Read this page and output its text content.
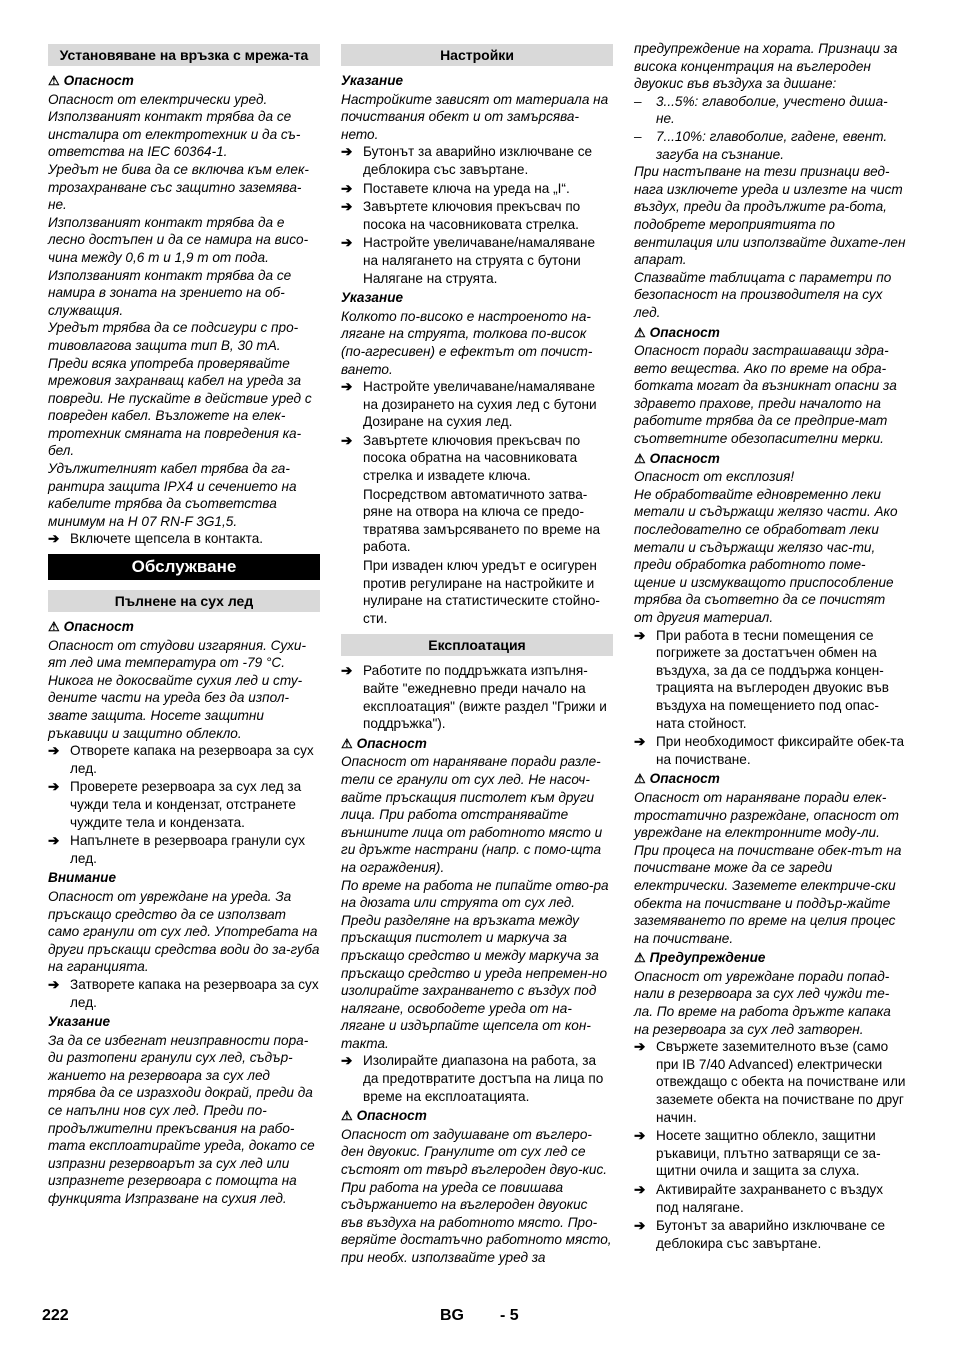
Установяване на връзка с мрежа-та
⚠ Опасност

Опасност от електрически уред.

Използваният контакт трябва да се инсталира от електротехник и да съ-ответства на IEC 60364-1.

Уредът не бива да се включва към елек-трозахранване със защитно заземява-не.

Използваният контакт трябва да е лесно достъпен и да се намира на висо-чина между 0,6 m и 1,9 m от пода.

Използваният контакт трябва да се намира в зоната на зрението на об-служващия.

Уредът трябва да се подсигури с про-тивовлагова защита тип B, 30 mA.

Преди всяка употреба проверявайте мрежовия захранващ кабел на уреда за повреди. Не пускайте в действие уред с повреден кабел. Възложете на елек-тротехник смяната на повредения ка-бел.

Удължителният кабел трябва да га-рантира защита IPX4 и сечението на кабелите трябва да съответства минимум на H 07 RN-F 3G1,5.

➔ Включете щепсела в контакта.
Обслужване
Пълнене на сух лед
⚠ Опасност

Опасност от студови изгаряния. Сухи-ят лед има температура от -79 °C. Никога не докосвайте сухия лед и сту-дените части на уреда без да изпол-звате защита. Носете защитни ръкавици и защитно облекло.

➔ Отворете капака на резервоара за сух лед.
➔ Проверете резервоара за сух лед за чужди тела и кондензат, отстранете чуждите тела и кондензата.
➔ Напълнете в резервоара гранули сух лед.
Внимание

Опасност от увреждане на уреда. За пръскащо средство да се използват само гранули от сух лед. Употребата на други пръскащи средства води до за-губа на гаранцията.

➔ Затворете капака на резервоара за сух лед.
Указание

За да се избегнат неизправности пора-ди разтопени гранули сух лед, съдър-жанието на резервоара за сух лед трябва да се изразходи докрай, преди да се напълни нов сух лед. Преди по-продължителни прекъсвания на рабо-тата експлоатирайте уреда, докато се изпразни резервоарът за сух лед или изпразнете резервоара с помощта на функцията Изпразване на сухия лед.

Настройки
Указание

Настройките зависят от материала на почиствания обект и от замърсява-нето.

➔ Бутонът за аварийно изключване се деблокира със завъртане.
➔ Поставете ключа на уреда на „I“.
➔ Завъртете ключовия прекъсвач по посока на часовниковата стрелка.
➔ Настройте увеличаване/намаляване на налягането на струята с бутони Налягане на струята.
Указание

Колкото по-високо е настроеното на-лягане на струята, толкова по-висок (по-агресивен) е ефектът от почист-ването.

➔ Настройте увеличаване/намаляване на дозирането на сухия лед с бутони Дозиране на сухия лед.
➔ Завъртете ключовия прекъсвач по посока обратна на часовниковата стрелка и извадете ключа.

Посредством автоматичното затва-ряне на отвора на ключа се предо-твратява замърсяването по време на работа.

При изваден ключ уредът е осигурен против регулиране на настройките и нулиране на статистическите стойно-сти.

Експлоатация
➔ Работите по поддръжката изпълня-вайте "ежедневно преди начало на експлоатация" (вижте раздел "Грижи и поддръжка").
⚠ Опасност

Опасност от нараняване поради разле-тели се гранули от сух лед. Не насоч-вайте пръскащия пистолет към други лица. При работа отстранявайте външните лица от работното място и ги дръжте настрани (напр. с помо-щта на ограждения).

По време на работа не пипайте отво-ра на дюзата или струята от сух лед. Преди разделяне на връзката между пръскащия пистолет и маркуча за пръскащо средство и между маркуча за пръскащо средство и уреда непремен-но изолирайте захранването с въздух под налягане, освободете уреда от на-лягане и издърпайте щепсела от кон-такта.

➔ Изолирайте диапазона на работа, за да предотвратите достъпа на лица по време на експлоатацията.
⚠ Опасност

Опасност от задушаване от въглеро-ден двуокис. Гранулите от сух лед се състоят от твърд въглероден двуо-кис. При работа на уреда се повишава съдържанието на въглероден двуокис във въздуха на работното място. Про-веряйте достатъчно работното място, при необх. използвайте уред за

предупреждение на хората. Признаци за висока концентрация на въглероден двуокис във въздуха за дишане:

– 3...5%: главоболие, учестено диша-не.
– 7...10%: главоболие, гадене, евент. загуба на съзнание.

При настъпване на тези признаци вед-нага изключете уреда и излезте на чист въздух, преди да продължите ра-бота, подобрете мероприятията по вентилация или използвайте дихате-лен апарат.

Спазвайте таблицата с параметри по безопасност на производителя на сух лед.

⚠ Опасност

Опасност поради застрашаващи здра-вето вещества. Ако по време на обра-ботката могат да възникнат опасни за здравето прахове, преди началото на работите трябва да се предприе-мат съответните обезопасителни мерки.

⚠ Опасност

Опасност от експлозия!

Не обработвайте едновременно леки метали и съдържащи желязо части. Ако последователно се обработват леки метали и съдържащи желязо час-ти, преди обработка работното поме-щение и изсмукващото приспособление трябва да съответно да се почистят от другия материал.

➔ При работа в тесни помещения се погрижете за достатъчен обмен на въздуха, за да се поддържа концен-трацията на въглероден двуокис във въздуха на помещението под опас-ната стойност.
➔ При необходимост фиксирайте обек-та на почистване.
⚠ Опасност

Опасност от нараняване поради елек-тростатично разреждане, опасност от увреждане на електронните моду-ли. При процеса на почистване обек-тът на почистване може да се зареди електрически. Заземете електриче-ски обекта на почистване и поддър-жайте заземяването по време на целия процес на почистване.

⚠ Предупреждение

Опасност от увреждане поради попад-нали в резервоара за сух лед чужди те-ла. По време на работа дръжте капака на резервоара за сух лед затворен.

➔ Свържете заземителното възе (само при IB 7/40 Advanced) електрически отвеждащо с обекта на почистване или заземете обекта на почистване по друг начин.
➔ Носете защитно облекло, защитни ръкавици, плътно затварящи се за-щитни очила и защита за слуха.
➔ Активирайте захранването с въздух под налягане.
➔ Бутонът за аварийно изключване се деблокира със завъртане.
222	BG - 5
